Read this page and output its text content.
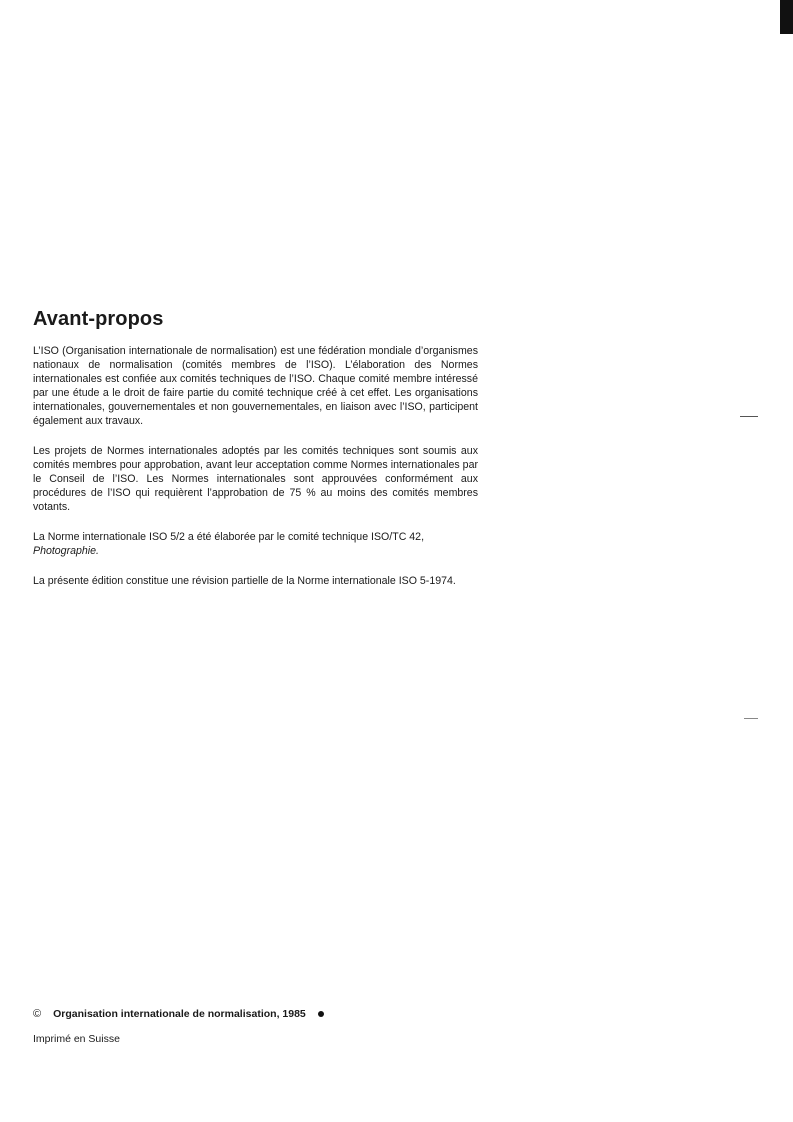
Avant-propos

L’ISO (Organisation internationale de normalisation) est une fédération mondiale d’organismes nationaux de normalisation (comités membres de l’ISO). L’élaboration des Normes internationales est confiée aux comités techniques de l’ISO. Chaque comité membre intéressé par une étude a le droit de faire partie du comité technique créé à cet effet. Les organisations internationales, gouvernementales et non gouvernementales, en liaison avec l’ISO, participent également aux travaux.

Les projets de Normes internationales adoptés par les comités techniques sont soumis aux comités membres pour approbation, avant leur acceptation comme Normes internationales par le Conseil de l’ISO. Les Normes internationales sont approuvées conformément aux procédures de l’ISO qui requièrent l’approbation de 75 % au moins des comités membres votants.

La Norme internationale ISO 5/2 a été élaborée par le comité technique ISO/TC 42,
Photographie.

La présente édition constitue une révision partielle de la Norme internationale ISO 5-1974.

© Organisation internationale de normalisation, 1985
Imprimé en Suisse
